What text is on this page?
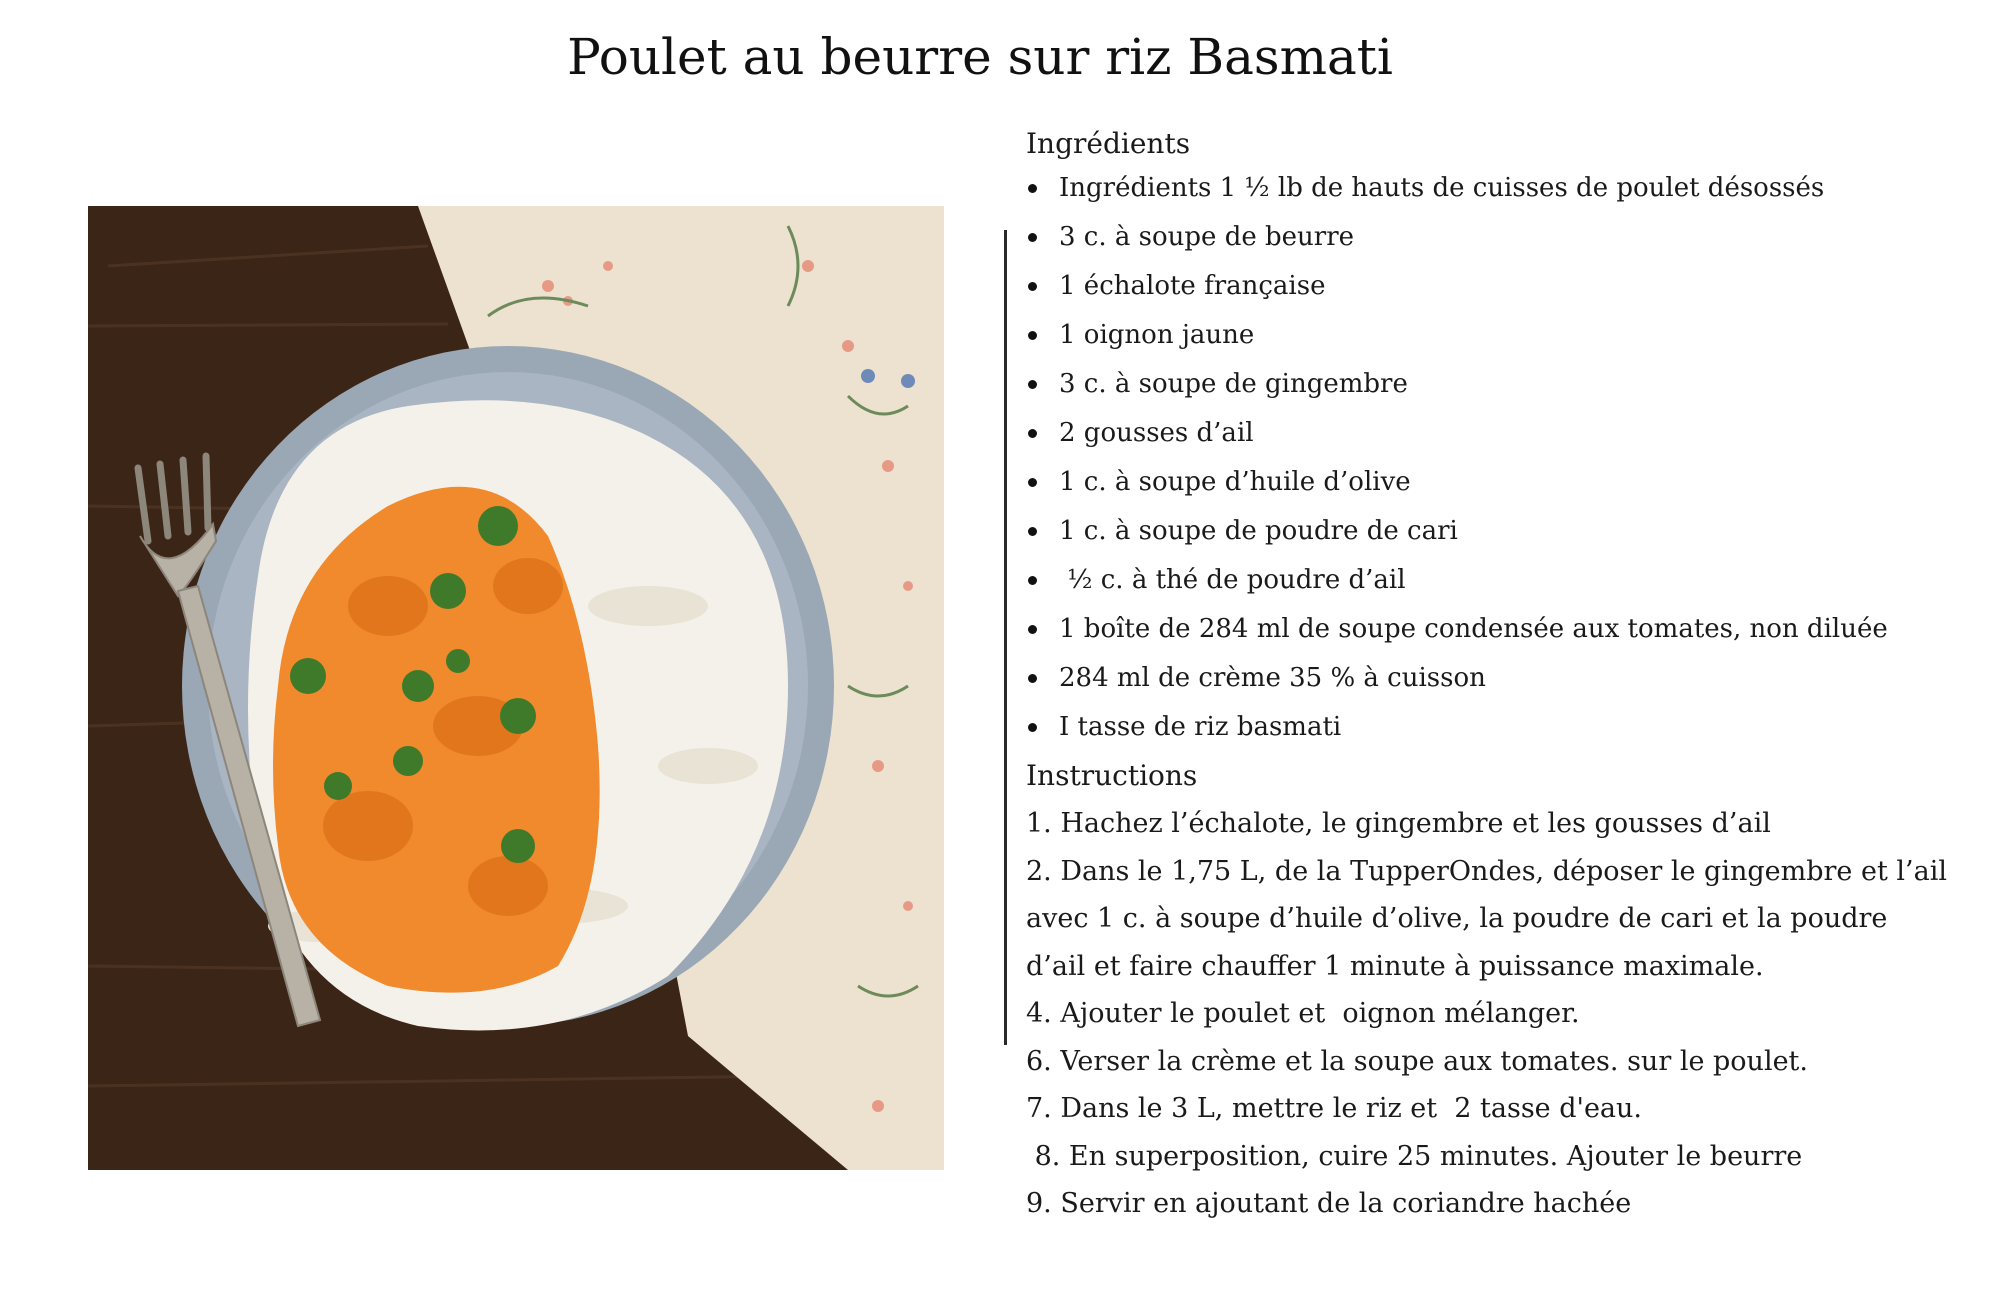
Poulet au beurre sur riz Basmati
Ingrédients
Ingrédients 1 ½ lb de hauts de cuisses de poulet désossés
3 c. à soupe de beurre
1 échalote française
1 oignon jaune
3 c. à soupe de gingembre
2 gousses d’ail
1 c. à soupe d’huile d’olive
1 c. à soupe de poudre de cari
½ c. à thé de poudre d’ail
1 boîte de 284 ml de soupe condensée aux tomates, non diluée
284 ml de crème 35 % à cuisson
I tasse de riz basmati
Instructions
1. Hachez l’échalote, le gingembre et les gousses d’ail
2. Dans le 1,75 L, de la TupperOndes, déposer le gingembre et l’ail
avec 1 c. à soupe d’huile d’olive, la poudre de cari et la poudre
d’ail et faire chauffer 1 minute à puissance maximale.
4. Ajouter le poulet et  oignon mélanger.
6. Verser la crème et la soupe aux tomates. sur le poulet.
7. Dans le 3 L, mettre le riz et  2 tasse d'eau.
8. En superposition, cuire 25 minutes. Ajouter le beurre
9. Servir en ajoutant de la coriandre hachée
